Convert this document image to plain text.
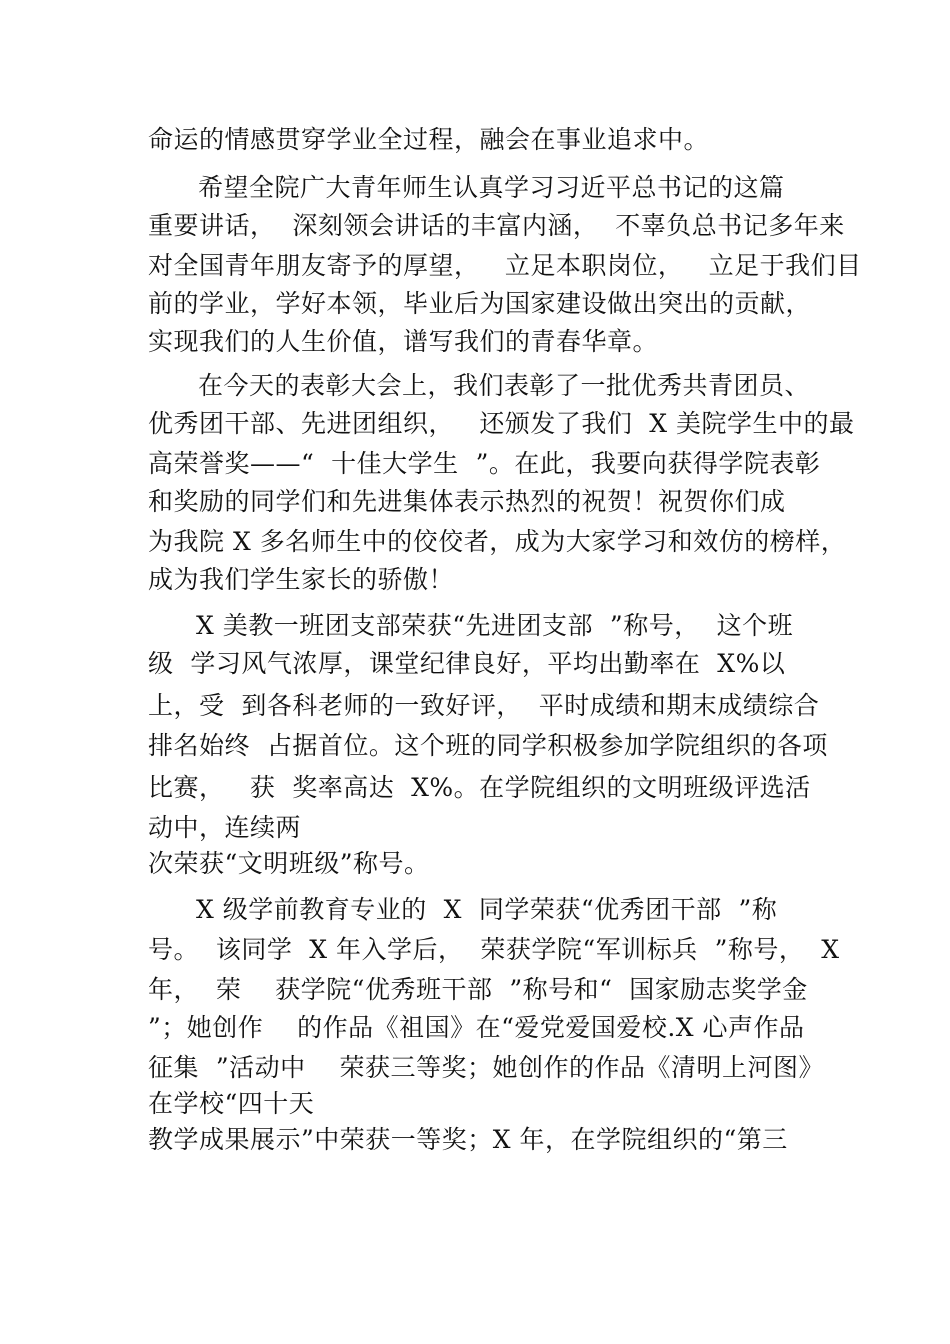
命运的情感贯穿学业全过程，融会在事业追求中。
希望全院广大青年师生认真学习习近平总书记的这篇
重要讲话，  深刻领会讲话的丰富内涵，  不辜负总书记多年来
对全国青年朋友寄予的厚望，   立足本职岗位，   立足于我们目
前的学业，学好本领，毕业后为国家建设做出突出的贡献，
实现我们的人生价值，谱写我们的青春华章。
在今天的表彰大会上，我们表彰了一批优秀共青团员、
优秀团干部、先进团组织，   还颁发了我们  X 美院学生中的最
高荣誉奖——“  十佳大学生  ”。在此，我要向获得学院表彰
和奖励的同学们和先进集体表示热烈的祝贺！祝贺你们成
为我院 X 多名师生中的佼佼者，成为大家学习和效仿的榜样，
成为我们学生家长的骄傲！
X 美教一班团支部荣获“先进团支部  ”称号，  这个班
级  学习风气浓厚，课堂纪律良好，平均出勤率在  X%以
上，受  到各科老师的一致好评，  平时成绩和期末成绩综合
排名始终  占据首位。这个班的同学积极参加学院组织的各项
比赛，   获  奖率高达  X%。在学院组织的文明班级评选活
动中，连续两
次荣获“文明班级”称号。
X 级学前教育专业的  X  同学荣获“优秀团干部  ”称
号。  该同学  X 年入学后，  荣获学院“军训标兵  ”称号，  X
年，  荣    获学院“优秀班干部  ”称号和“  国家励志奖学金
”；她创作    的作品《祖国》在“爱党爱国爱校.X 心声作品
征集  ”活动中    荣获三等奖；她创作的作品《清明上河图》
在学校“四十天
教学成果展示”中荣获一等奖；X 年，在学院组织的“第三
